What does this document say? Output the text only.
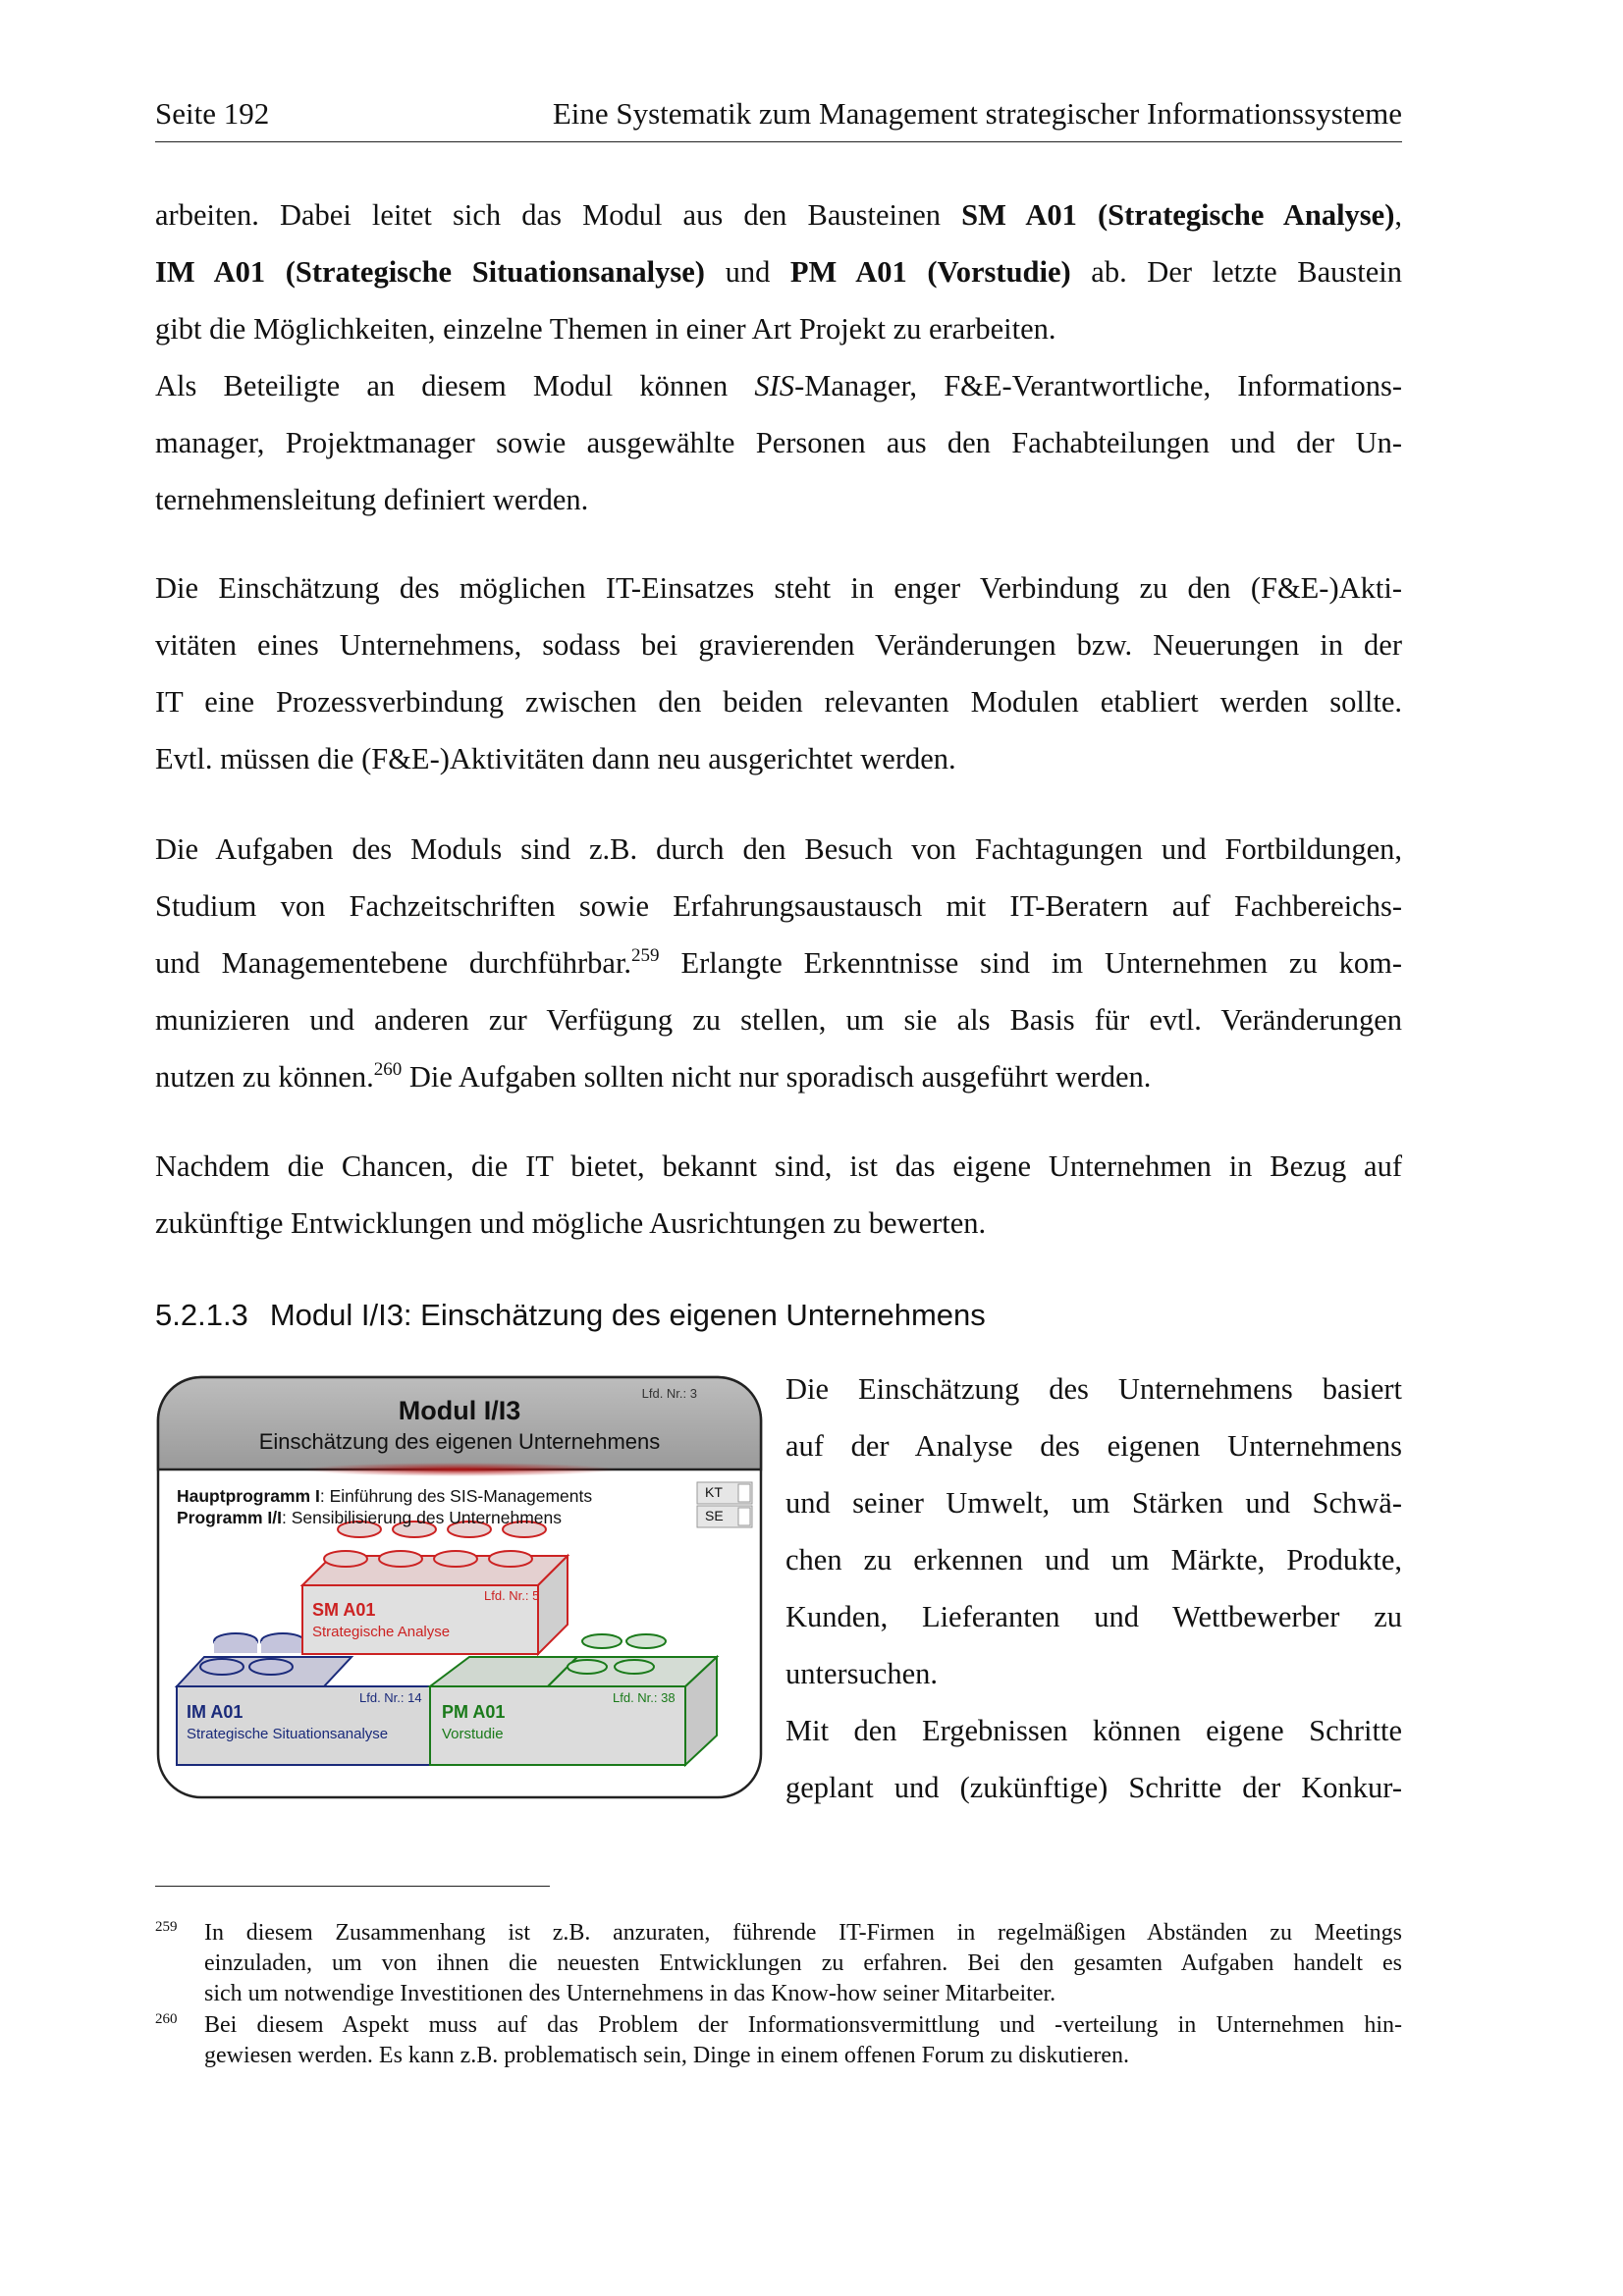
Seite 192	Eine Systematik zum Management strategischer Informationssysteme
arbeiten. Dabei leitet sich das Modul aus den Bausteinen SM A01 (Strategische Analyse),
IM A01 (Strategische Situationsanalyse) und PM A01 (Vorstudie) ab. Der letzte Baustein
gibt die Möglichkeiten, einzelne Themen in einer Art Projekt zu erarbeiten.
Als Beteiligte an diesem Modul können SIS-Manager, F&E-Verantwortliche, Informations-
manager, Projektmanager sowie ausgewählte Personen aus den Fachabteilungen und der Un-
ternehmensleitung definiert werden.
Die Einschätzung des möglichen IT-Einsatzes steht in enger Verbindung zu den (F&E-)Akti-
vitäten eines Unternehmens, sodass bei gravierenden Veränderungen bzw. Neuerungen in der
IT eine Prozessverbindung zwischen den beiden relevanten Modulen etabliert werden sollte.
Evtl. müssen die (F&E-)Aktivitäten dann neu ausgerichtet werden.
Die Aufgaben des Moduls sind z.B. durch den Besuch von Fachtagungen und Fortbildungen,
Studium von Fachzeitschriften sowie Erfahrungsaustausch mit IT-Beratern auf Fachbereichs-
und Managementebene durchführbar.$^{259}$ Erlangte Erkenntnisse sind im Unternehmen zu kom-
munizieren und anderen zur Verfügung zu stellen, um sie als Basis für evtl. Veränderungen
nutzen zu können.$^{260}$ Die Aufgaben sollten nicht nur sporadisch ausgeführt werden.
Nachdem die Chancen, die IT bietet, bekannt sind, ist das eigene Unternehmen in Bezug auf
zukünftige Entwicklungen und mögliche Ausrichtungen zu bewerten.
5.2.1.3 Modul I/I3: Einschätzung des eigenen Unternehmens
Die Einschätzung des Unternehmens basiert
auf der Analyse des eigenen Unternehmens
und seiner Umwelt, um Stärken und Schwä-
chen zu erkennen und um Märkte, Produkte,
Kunden, Lieferanten und Wettbewerber zu
untersuchen.
Mit den Ergebnissen können eigene Schritte
geplant und (zukünftige) Schritte der Konkur-
Lfd. Nr.: 3
Modul I/I3
Einschätzung des eigenen Unternehmens
Hauptprogramm I: Einführung des SIS-Managements
Programm I/I: Sensibilisierung des Unternehmens
KT
SE
Lfd. Nr.: 5
SM A01
Strategische Analyse
Lfd. Nr.: 14
IM A01
Strategische Situationsanalyse
Lfd. Nr.: 38
PM A01
Vorstudie
259 In diesem Zusammenhang ist z.B. anzuraten, führende IT-Firmen in regelmäßigen Abständen zu Meetings
einzuladen, um von ihnen die neuesten Entwicklungen zu erfahren. Bei den gesamten Aufgaben handelt es
sich um notwendige Investitionen des Unternehmens in das Know-how seiner Mitarbeiter.
260 Bei diesem Aspekt muss auf das Problem der Informationsvermittlung und -verteilung in Unternehmen hin-
gewiesen werden. Es kann z.B. problematisch sein, Dinge in einem offenen Forum zu diskutieren.
